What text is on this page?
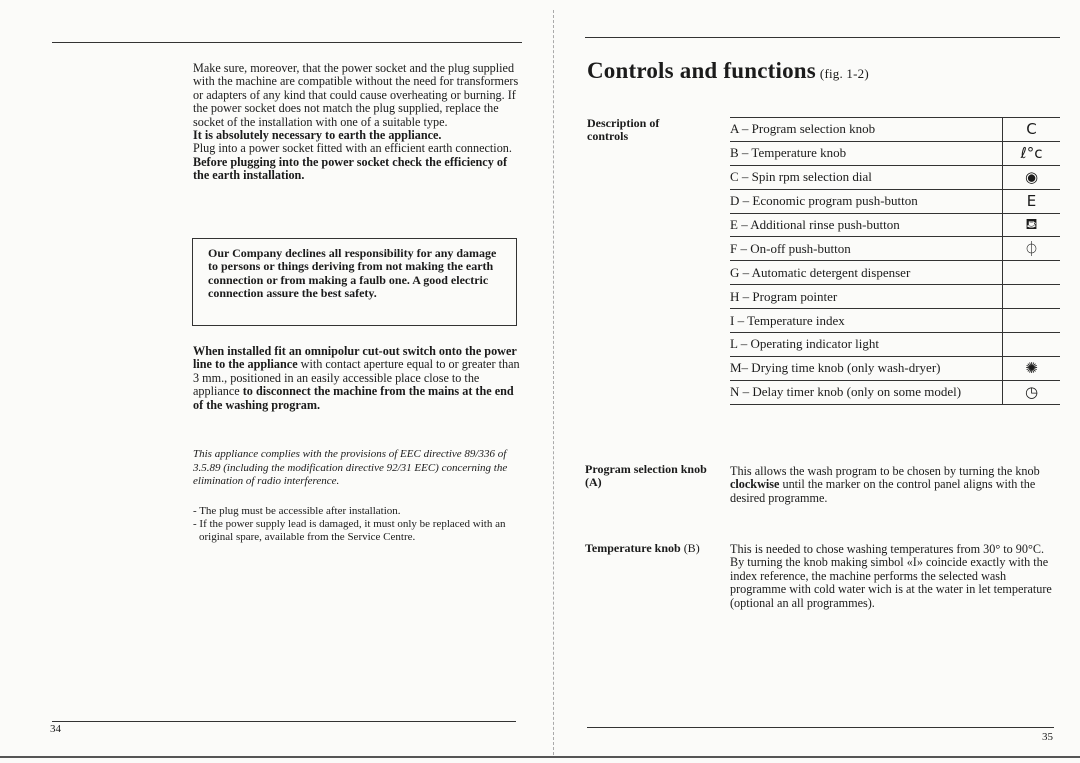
Make sure, moreover, that the power socket and the plug supplied with the machine are compatible without the need for transformers or adapters of any kind that could cause overheating or burning. If the power socket does not match the plug supplied, replace the socket of the installation with one of a suitable type.

It is absolutely necessary to earth the appliance.

Plug into a power socket fitted with an efficient earth connection.

Before plugging into the power socket check the efficiency of the earth installation.

Our Company declines all responsibility for any damage to persons or things deriving from not making the earth connection or from making a faulb one. A good electric connection assure the best safety.

When installed fit an omnipolur cut-out switch onto the power line to the appliance with contact aperture equal to or greater than 3 mm., positioned in an easily accessible place close to the appliance to disconnect the machine from the mains at the end of the washing program.

This appliance complies with the provisions of EEC directive 89/336 of 3.5.89 (including the modification directive 92/31 EEC) concerning the elimination of radio interference.

- The plug must be accessible after installation.

- If the power supply lead is damaged, it must only be replaced with an original spare, available from the Service Centre.

34
Controls and functions (fig. 1-2)
Description of controls	A – Program selection knob	C
B – Temperature knob	ℓ°c
C – Spin rpm selection dial	◉
D – Economic program push-button	E
E – Additional rinse push-button	⛾
F – On-off push-button	⏀
G – Automatic detergent dispenser	
H – Program pointer	
I – Temperature index	
L – Operating indicator light	
M– Drying time knob (only wash-dryer)	✺
N – Delay timer knob (only on some model)	◷
Program selection knob (A)
This allows the wash program to be chosen by turning the knob clockwise until the marker on the control panel aligns with the desired programme.
Temperature knob (B)	This is needed to chose washing temperatures from 30° to 90°C. By turning the knob making simbol «I» coincide exactly with the index reference, the machine performs the selected wash programme with cold water wich is at the water in let temperature (optional an all programmes).
35
